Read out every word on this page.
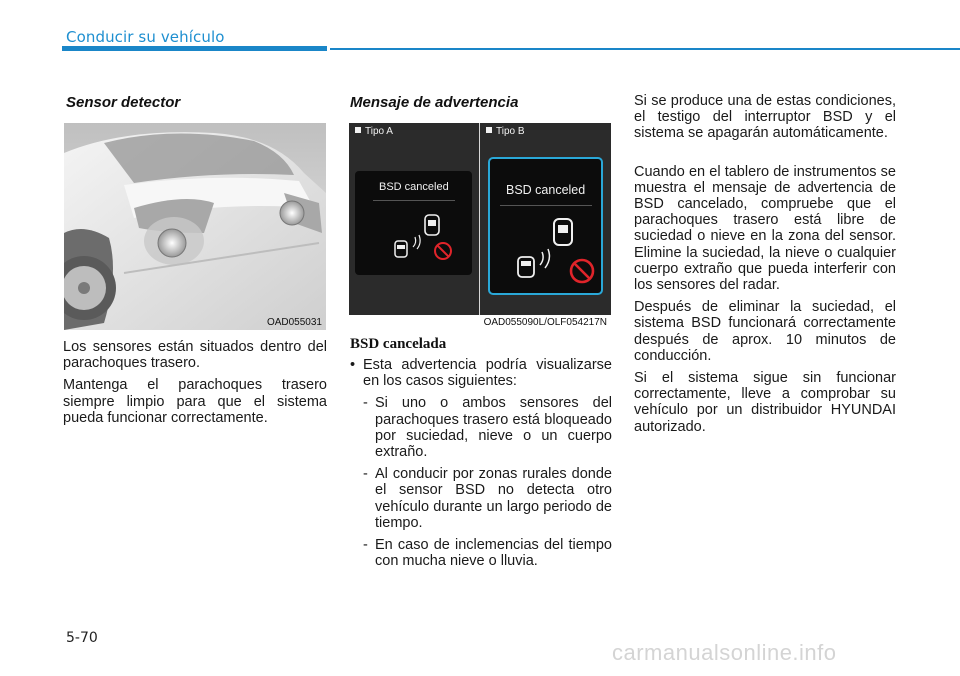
Conducir su vehículo
Sensor detector
OAD055031

Los sensores están situados dentro del parachoques trasero.

Mantenga el parachoques trasero siempre limpio para que el sistema pueda funcionar correctamente.

Mensaje de advertencia
Tipo A	Tipo B
BSD canceled	BSD canceled
OAD055090L/OLF054217N
BSD cancelada
• Esta advertencia podría visualizarse en los casos siguientes:
- Si uno o ambos sensores del parachoques trasero está bloqueado por suciedad, nieve o un cuerpo extraño.
- Al conducir por zonas rurales donde el sensor BSD no detecta otro vehículo durante un largo periodo de tiempo.
- En caso de inclemencias del tiempo con mucha nieve o lluvia.

Si se produce una de estas condiciones, el testigo del interruptor BSD y el sistema se apagarán automáticamente.

Cuando en el tablero de instrumentos se muestra el mensaje de advertencia de BSD cancelado, compruebe que el parachoques trasero está libre de suciedad o nieve en la zona del sensor. Elimine la suciedad, la nieve o cualquier cuerpo extraño que pueda interferir con los sensores del radar.

Después de eliminar la suciedad, el sistema BSD funcionará correctamente después de aprox. 10 minutos de conducción.

Si el sistema sigue sin funcionar correctamente, lleve a comprobar su vehículo por un distribuidor HYUNDAI autorizado.

5-70
carmanualsonline.info
